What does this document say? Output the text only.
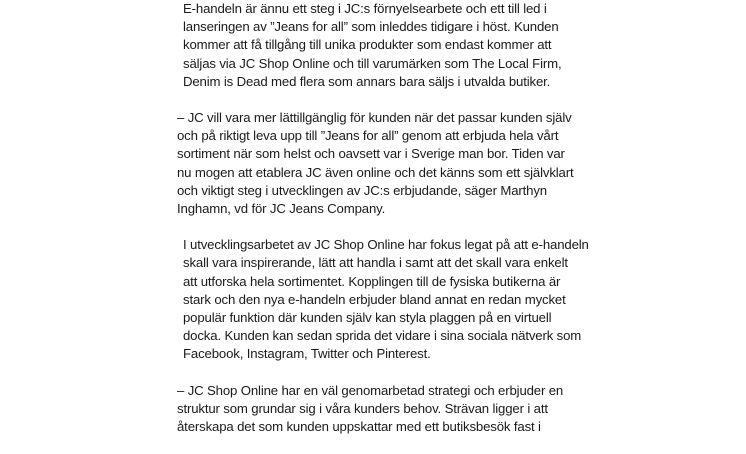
E-handeln är ännu ett steg i JC:s förnyelsearbete och ett till led i
lanseringen av ”Jeans for all” som inleddes tidigare i höst. Kunden
kommer att få tillgång till unika produkter som endast kommer att
säljas via JC Shop Online och till varumärken som The Local Firm,
Denim is Dead med flera som annars bara säljs i utvalda butiker.
– JC vill vara mer lättillgänglig för kunden när det passar kunden själv
och på riktigt leva upp till ”Jeans for all” genom att erbjuda hela vårt
sortiment när som helst och oavsett var i Sverige man bor. Tiden var
nu mogen att etablera JC även online och det känns som ett självklart
och viktigt steg i utvecklingen av JC:s erbjudande, säger Marthyn
Inghamn, vd för JC Jeans Company.
I utvecklingsarbetet av JC Shop Online har fokus legat på att e-handeln
skall vara inspirerande, lätt att handla i samt att det skall vara enkelt
att utforska hela sortimentet. Kopplingen till de fysiska butikerna är
stark och den nya e-handeln erbjuder bland annat en redan mycket
populär funktion där kunden själv kan styla plaggen på en virtuell
docka. Kunden kan sedan sprida det vidare i sina sociala nätverk som
Facebook, Instagram, Twitter och Pinterest.
– JC Shop Online har en väl genomarbetad strategi och erbjuder en
struktur som grundar sig i våra kunders behov. Strävan ligger i att
återskapa det som kunden uppskattar med ett butiksbesök fast i
